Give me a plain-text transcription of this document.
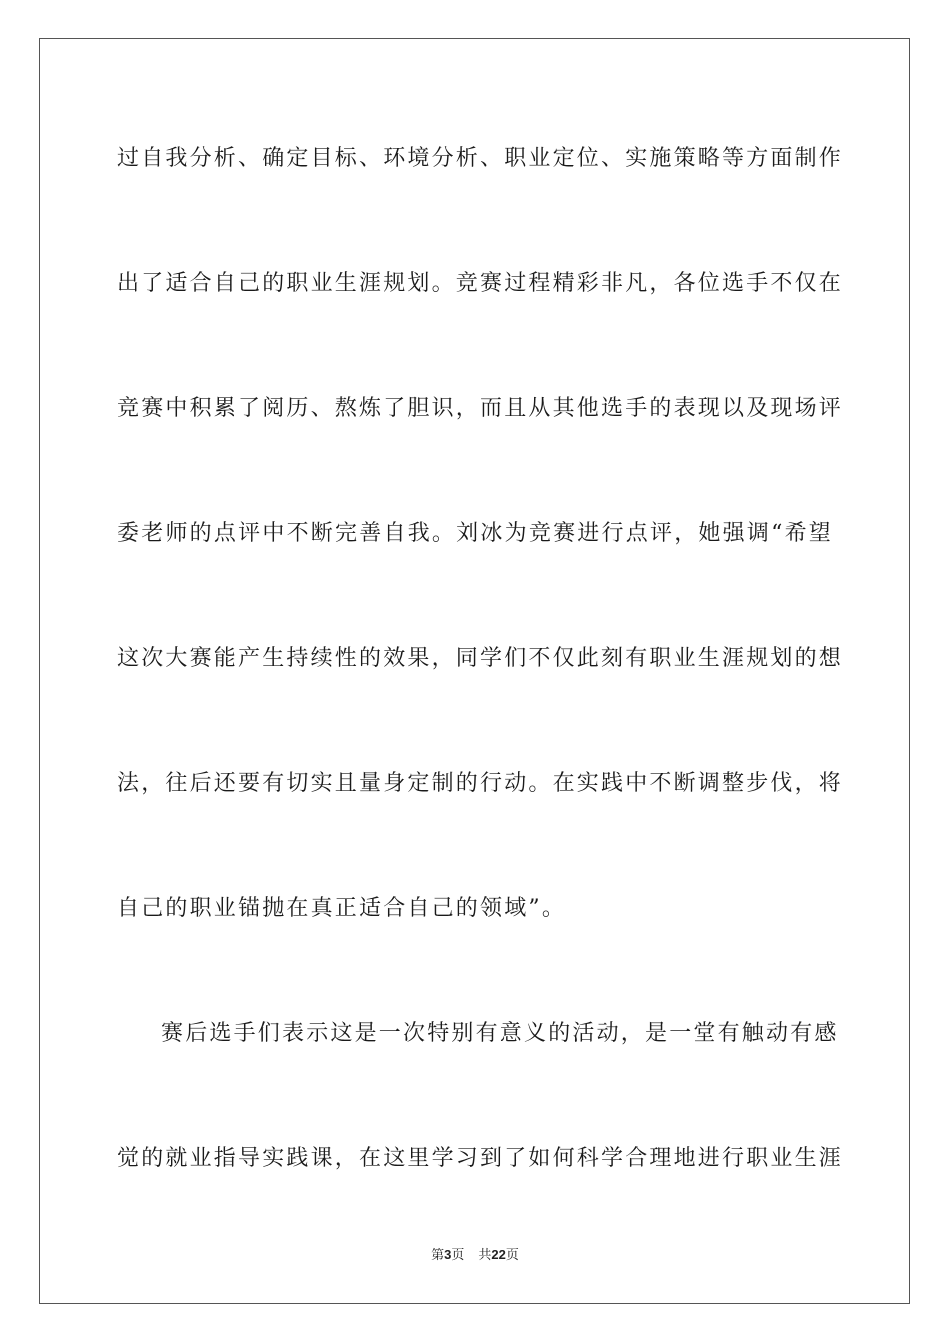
过自我分析、确定目标、环境分析、职业定位、实施策略等方面制作
出了适合自己的职业生涯规划。竞赛过程精彩非凡，各位选手不仅在
竞赛中积累了阅历、熬炼了胆识，而且从其他选手的表现以及现场评
委老师的点评中不断完善自我。刘冰为竞赛进行点评，她强调“希望
这次大赛能产生持续性的效果，同学们不仅此刻有职业生涯规划的想
法，往后还要有切实且量身定制的行动。在实践中不断调整步伐，将
自己的职业锚抛在真正适合自己的领域”。
赛后选手们表示这是一次特别有意义的活动，是一堂有触动有感
觉的就业指导实践课，在这里学习到了如何科学合理地进行职业生涯
第3页 共22页
